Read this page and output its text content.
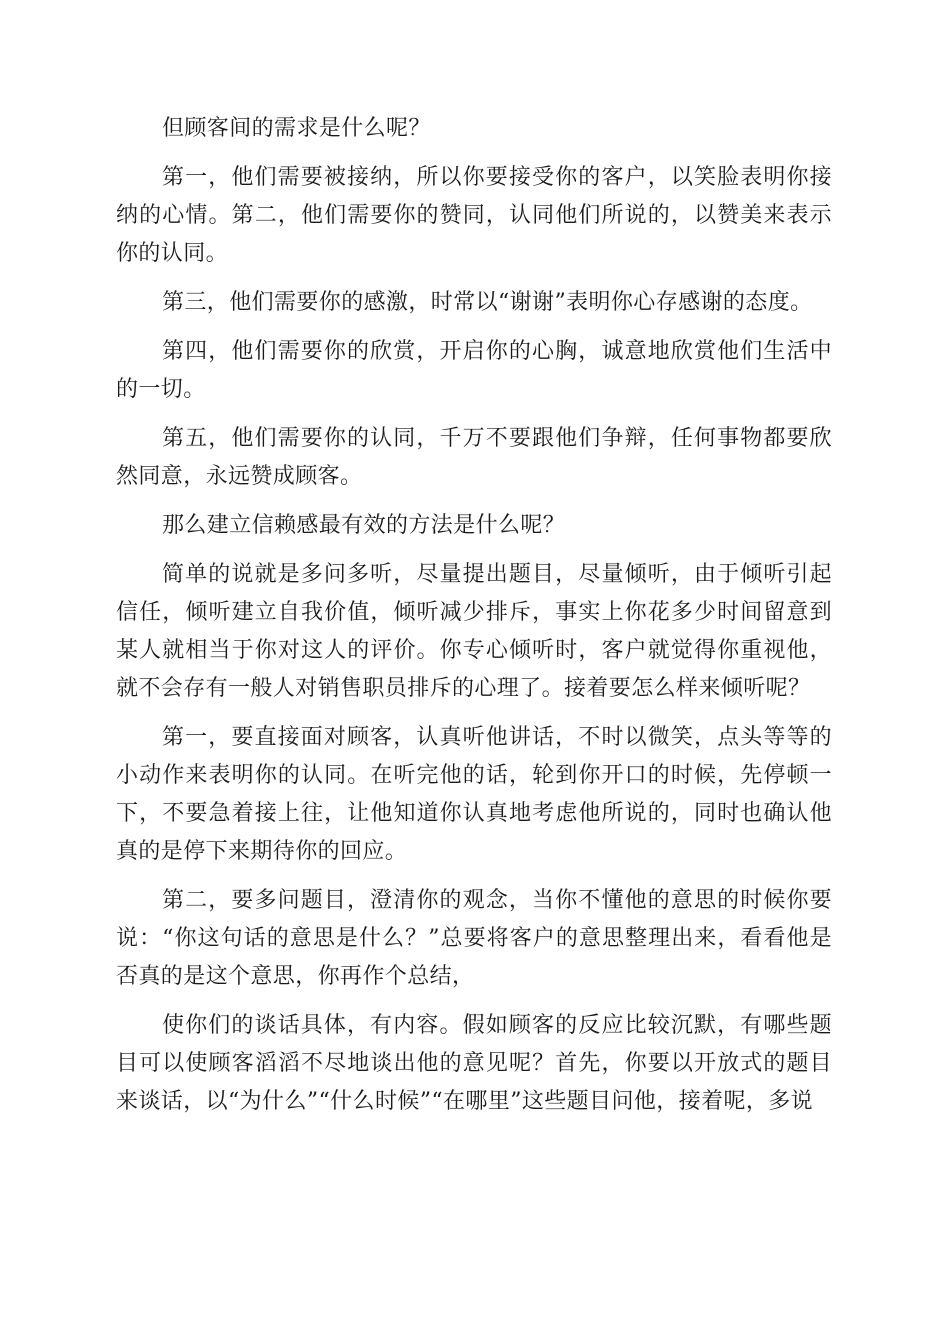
但顾客间的需求是什么呢？

第一，他们需要被接纳，所以你要接受你的客户，以笑脸表明你接纳的心情。第二，他们需要你的赞同，认同他们所说的，以赞美来表示你的认同。

第三，他们需要你的感激，时常以“谢谢”表明你心存感谢的态度。

第四，他们需要你的欣赏，开启你的心胸，诚意地欣赏他们生活中的一切。

第五，他们需要你的认同，千万不要跟他们争辩，任何事物都要欣然同意，永远赞成顾客。

那么建立信赖感最有效的方法是什么呢？

简单的说就是多问多听，尽量提出题目，尽量倾听，由于倾听引起信任，倾听建立自我价值，倾听减少排斥，事实上你花多少时间留意到某人就相当于你对这人的评价。你专心倾听时，客户就觉得你重视他，就不会存有一般人对销售职员排斥的心理了。接着要怎么样来倾听呢？

第一，要直接面对顾客，认真听他讲话，不时以微笑，点头等等的小动作来表明你的认同。在听完他的话，轮到你开口的时候，先停顿一下，不要急着接上往，让他知道你认真地考虑他所说的，同时也确认他真的是停下来期待你的回应。

第二，要多问题目，澄清你的观念，当你不懂他的意思的时候你要说：“你这句话的意思是什么？”总要将客户的意思整理出来，看看他是否真的是这个意思，你再作个总结，

使你们的谈话具体，有内容。假如顾客的反应比较沉默，有哪些题目可以使顾客滔滔不尽地谈出他的意见呢？首先，你要以开放式的题目来谈话，以“为什么”“什么时候”“在哪里”这些题目问他，接着呢，多说
